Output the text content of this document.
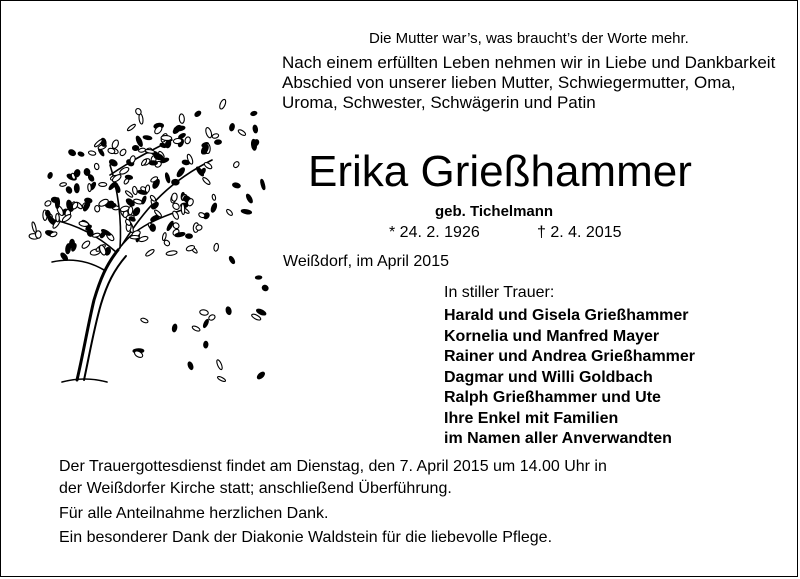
Die Mutter war’s, was braucht’s der Worte mehr.
Nach einem erfüllten Leben nehmen wir in Liebe und Dankbarkeit Abschied von unserer lieben Mutter, Schwiegermutter, Oma, Uroma, Schwester, Schwägerin und Patin
Erika Grießhammer
geb. Tichelmann
* 24. 2. 1926	† 2. 4. 2015
Weißdorf, im April 2015
In stiller Trauer:
Harald und Gisela Grießhammer
Kornelia und Manfred Mayer
Rainer und Andrea Grießhammer
Dagmar und Willi Goldbach
Ralph Grießhammer und Ute
Ihre Enkel mit Familien
im Namen aller Anverwandten
Der Trauergottesdienst findet am Dienstag, den 7. April 2015 um 14.00 Uhr in der Weißdorfer Kirche statt; anschließend Überführung.
Für alle Anteilnahme herzlichen Dank.
Ein besonderer Dank der Diakonie Waldstein für die liebevolle Pflege.
